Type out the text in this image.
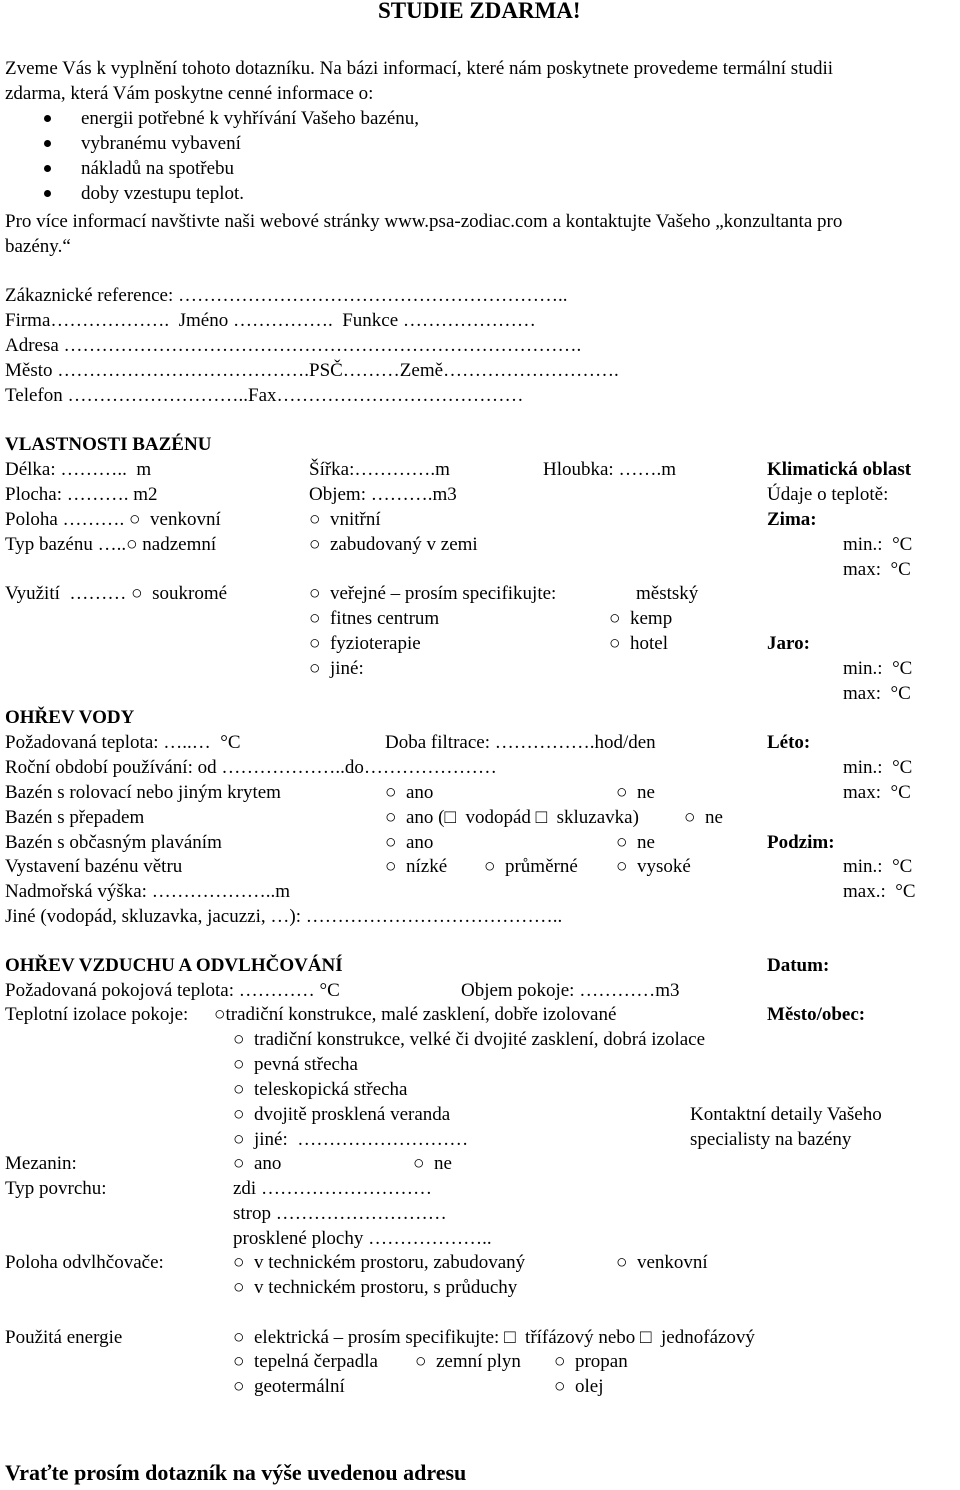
STUDIE ZDARMA!
Zveme Vás k vyplnění tohoto dotazníku. Na bázi informací, které nám poskytnete provedeme termální studii
zdarma, která Vám poskytne cenné informace o:
energii potřebné k vyhřívání Vašeho bazénu,
vybranému vybavení
nákladů na spotřebu
doby vzestupu teplot.
Pro více informací navštivte naši webové stránky www.psa-zodiac.com a kontaktujte Vašeho „konzultanta pro
bazény.“
Zákaznické reference: ……………………………………………………..
Firma……………….  Jméno …………….  Funkce …………………
Adresa ……………………………………………………………………….
Město ………………………………….PSČ………Země……………………….
Telefon ………………………..Fax…………………………………
VLASTNOSTI BAZÉNU
Délka: ………..  m	Šířka:………….m	Hloubka: …….m	Klimatická oblast
Plocha: ………. m2	Objem: ……….m3	Údaje o teplotě:
Poloha ………. ○  venkovní	○  vnitřní	Zima:
Typ bazénu …..○ nadzemní	○  zabudovaný v zemi	min.:  °C
max:  °C
Využití  ……… ○  soukromé	○  veřejné – prosím specifikujte:	městský
○  fitnes centrum	○  kemp
○  fyzioterapie	○  hotel	Jaro:
○  jiné:	min.:  °C
max:  °C
OHŘEV VODY
Požadovaná teplota: …..…  °C	Doba filtrace: …………….hod/den	Léto:
Roční období používání: od ………………..do…………………	min.:  °C
Bazén s rolovací nebo jiným krytem	○  ano	○  ne	max:  °C
Bazén s přepadem	○  ano (□  vodopád □  skluzavka) ○  ne
Bazén s občasným plaváním	○  ano	○  ne	Podzim:
Vystavení bazénu větru	○  nízké ○  průměrné ○  vysoké	min.:  °C
Nadmořská výška: ………………..m	max.:  °C
Jiné (vodopád, skluzavka, jacuzzi, …): …………………………………..
OHŘEV VZDUCHU A ODVLHČOVÁNÍ	Datum:
Požadovaná pokojová teplota: ………… °C	Objem pokoje: …………m3
Teplotní izolace pokoje: ○tradiční konstrukce, malé zasklení, dobře izolované	Město/obec:
○  tradiční konstrukce, velké či dvojité zasklení, dobrá izolace
○  pevná střecha
○  teleskopická střecha
○  dvojitě prosklená veranda	Kontaktní detaily Vašeho
○  jiné:  ………………………	specialisty na bazény
Mezanin:	○  ano	○  ne
Typ povrchu:	zdi ………………………
strop ………………………
prosklené plochy ………………..
Poloha odvlhčovače:	○  v technickém prostoru, zabudovaný	○  venkovní
○  v technickém prostoru, s průduchy
Použitá energie	○  elektrická – prosím specifikujte: □  třífázový nebo □  jednofázový
○  tepelná čerpadla ○  zemní plyn ○  propan
○  geotermální	○  olej
Vraťte prosím dotazník na výše uvedenou adresu
